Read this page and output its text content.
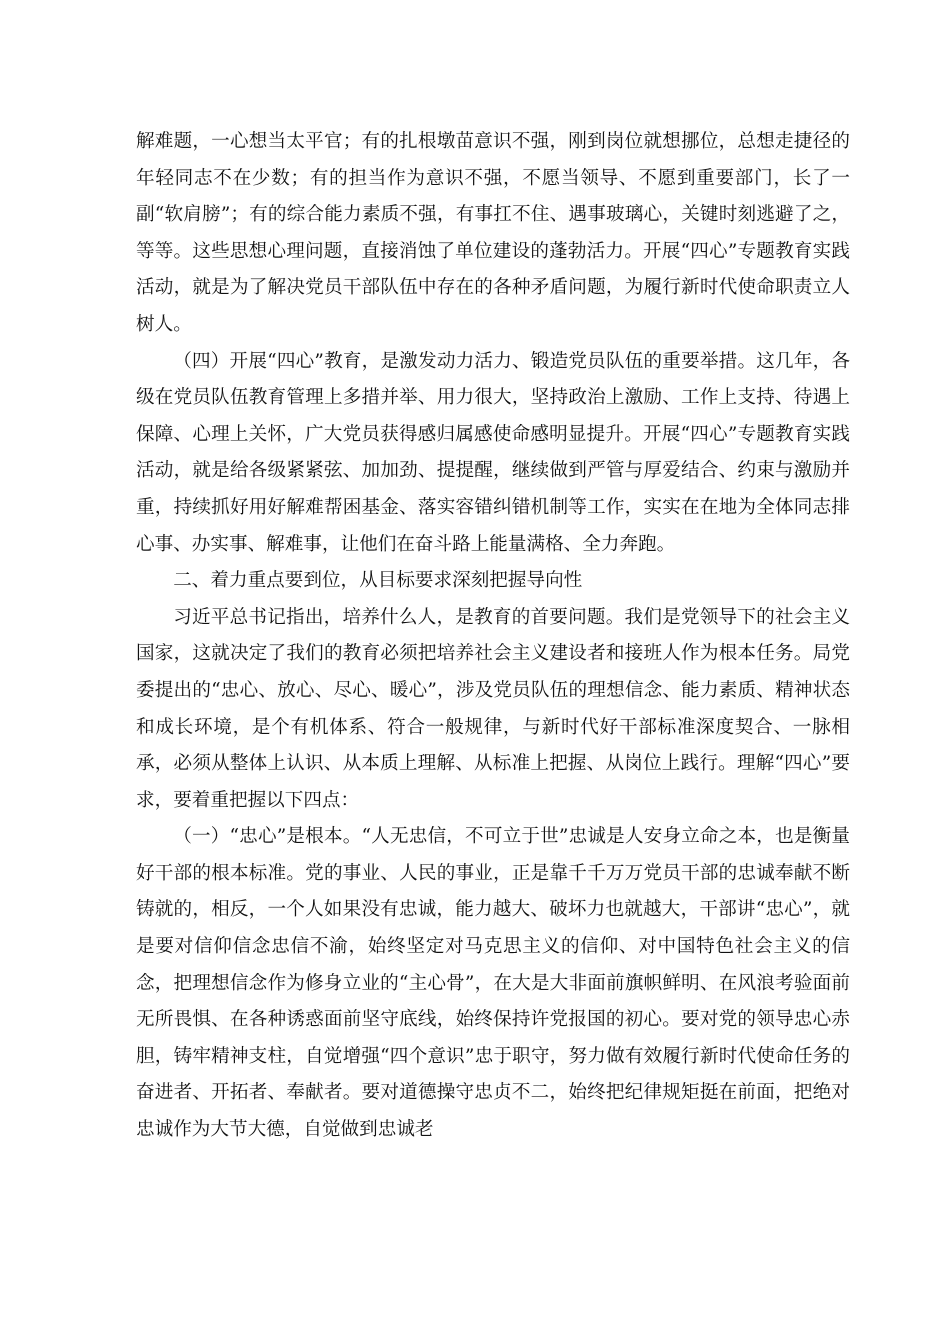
解难题，一心想当太平官；有的扎根墩苗意识不强，刚到岗位就想挪位，总想走捷径的年轻同志不在少数；有的担当作为意识不强，不愿当领导、不愿到重要部门，长了一副“软肩膀”；有的综合能力素质不强，有事扛不住、遇事玻璃心，关键时刻逃避了之，等等。这些思想心理问题，直接消蚀了单位建设的蓬勃活力。开展“四心”专题教育实践活动，就是为了解决党员干部队伍中存在的各种矛盾问题，为履行新时代使命职责立人树人。

（四）开展“四心”教育，是激发动力活力、锻造党员队伍的重要举措。这几年，各级在党员队伍教育管理上多措并举、用力很大，坚持政治上激励、工作上支持、待遇上保障、心理上关怀，广大党员获得感归属感使命感明显提升。开展“四心”专题教育实践活动，就是给各级紧紧弦、加加劲、提提醒，继续做到严管与厚爱结合、约束与激励并重，持续抓好用好解难帮困基金、落实容错纠错机制等工作，实实在在地为全体同志排心事、办实事、解难事，让他们在奋斗路上能量满格、全力奔跑。

二、着力重点要到位，从目标要求深刻把握导向性

习近平总书记指出，培养什么人，是教育的首要问题。我们是党领导下的社会主义国家，这就决定了我们的教育必须把培养社会主义建设者和接班人作为根本任务。局党委提出的“忠心、放心、尽心、暖心”，涉及党员队伍的理想信念、能力素质、精神状态和成长环境，是个有机体系、符合一般规律，与新时代好干部标准深度契合、一脉相承，必须从整体上认识、从本质上理解、从标准上把握、从岗位上践行。理解“四心”要求，要着重把握以下四点：

（一）“忠心”是根本。“人无忠信，不可立于世”忠诚是人安身立命之本，也是衡量好干部的根本标准。党的事业、人民的事业，正是靠千千万万党员干部的忠诚奉献不断铸就的，相反，一个人如果没有忠诚，能力越大、破坏力也就越大，干部讲“忠心”，就是要对信仰信念忠信不渝，始终坚定对马克思主义的信仰、对中国特色社会主义的信念，把理想信念作为修身立业的“主心骨”，在大是大非面前旗帜鲜明、在风浪考验面前无所畏惧、在各种诱惑面前坚守底线，始终保持许党报国的初心。要对党的领导忠心赤胆，铸牢精神支柱，自觉增强“四个意识”忠于职守，努力做有效履行新时代使命任务的奋进者、开拓者、奉献者。要对道德操守忠贞不二，始终把纪律规矩挺在前面，把绝对忠诚作为大节大德，自觉做到忠诚老
